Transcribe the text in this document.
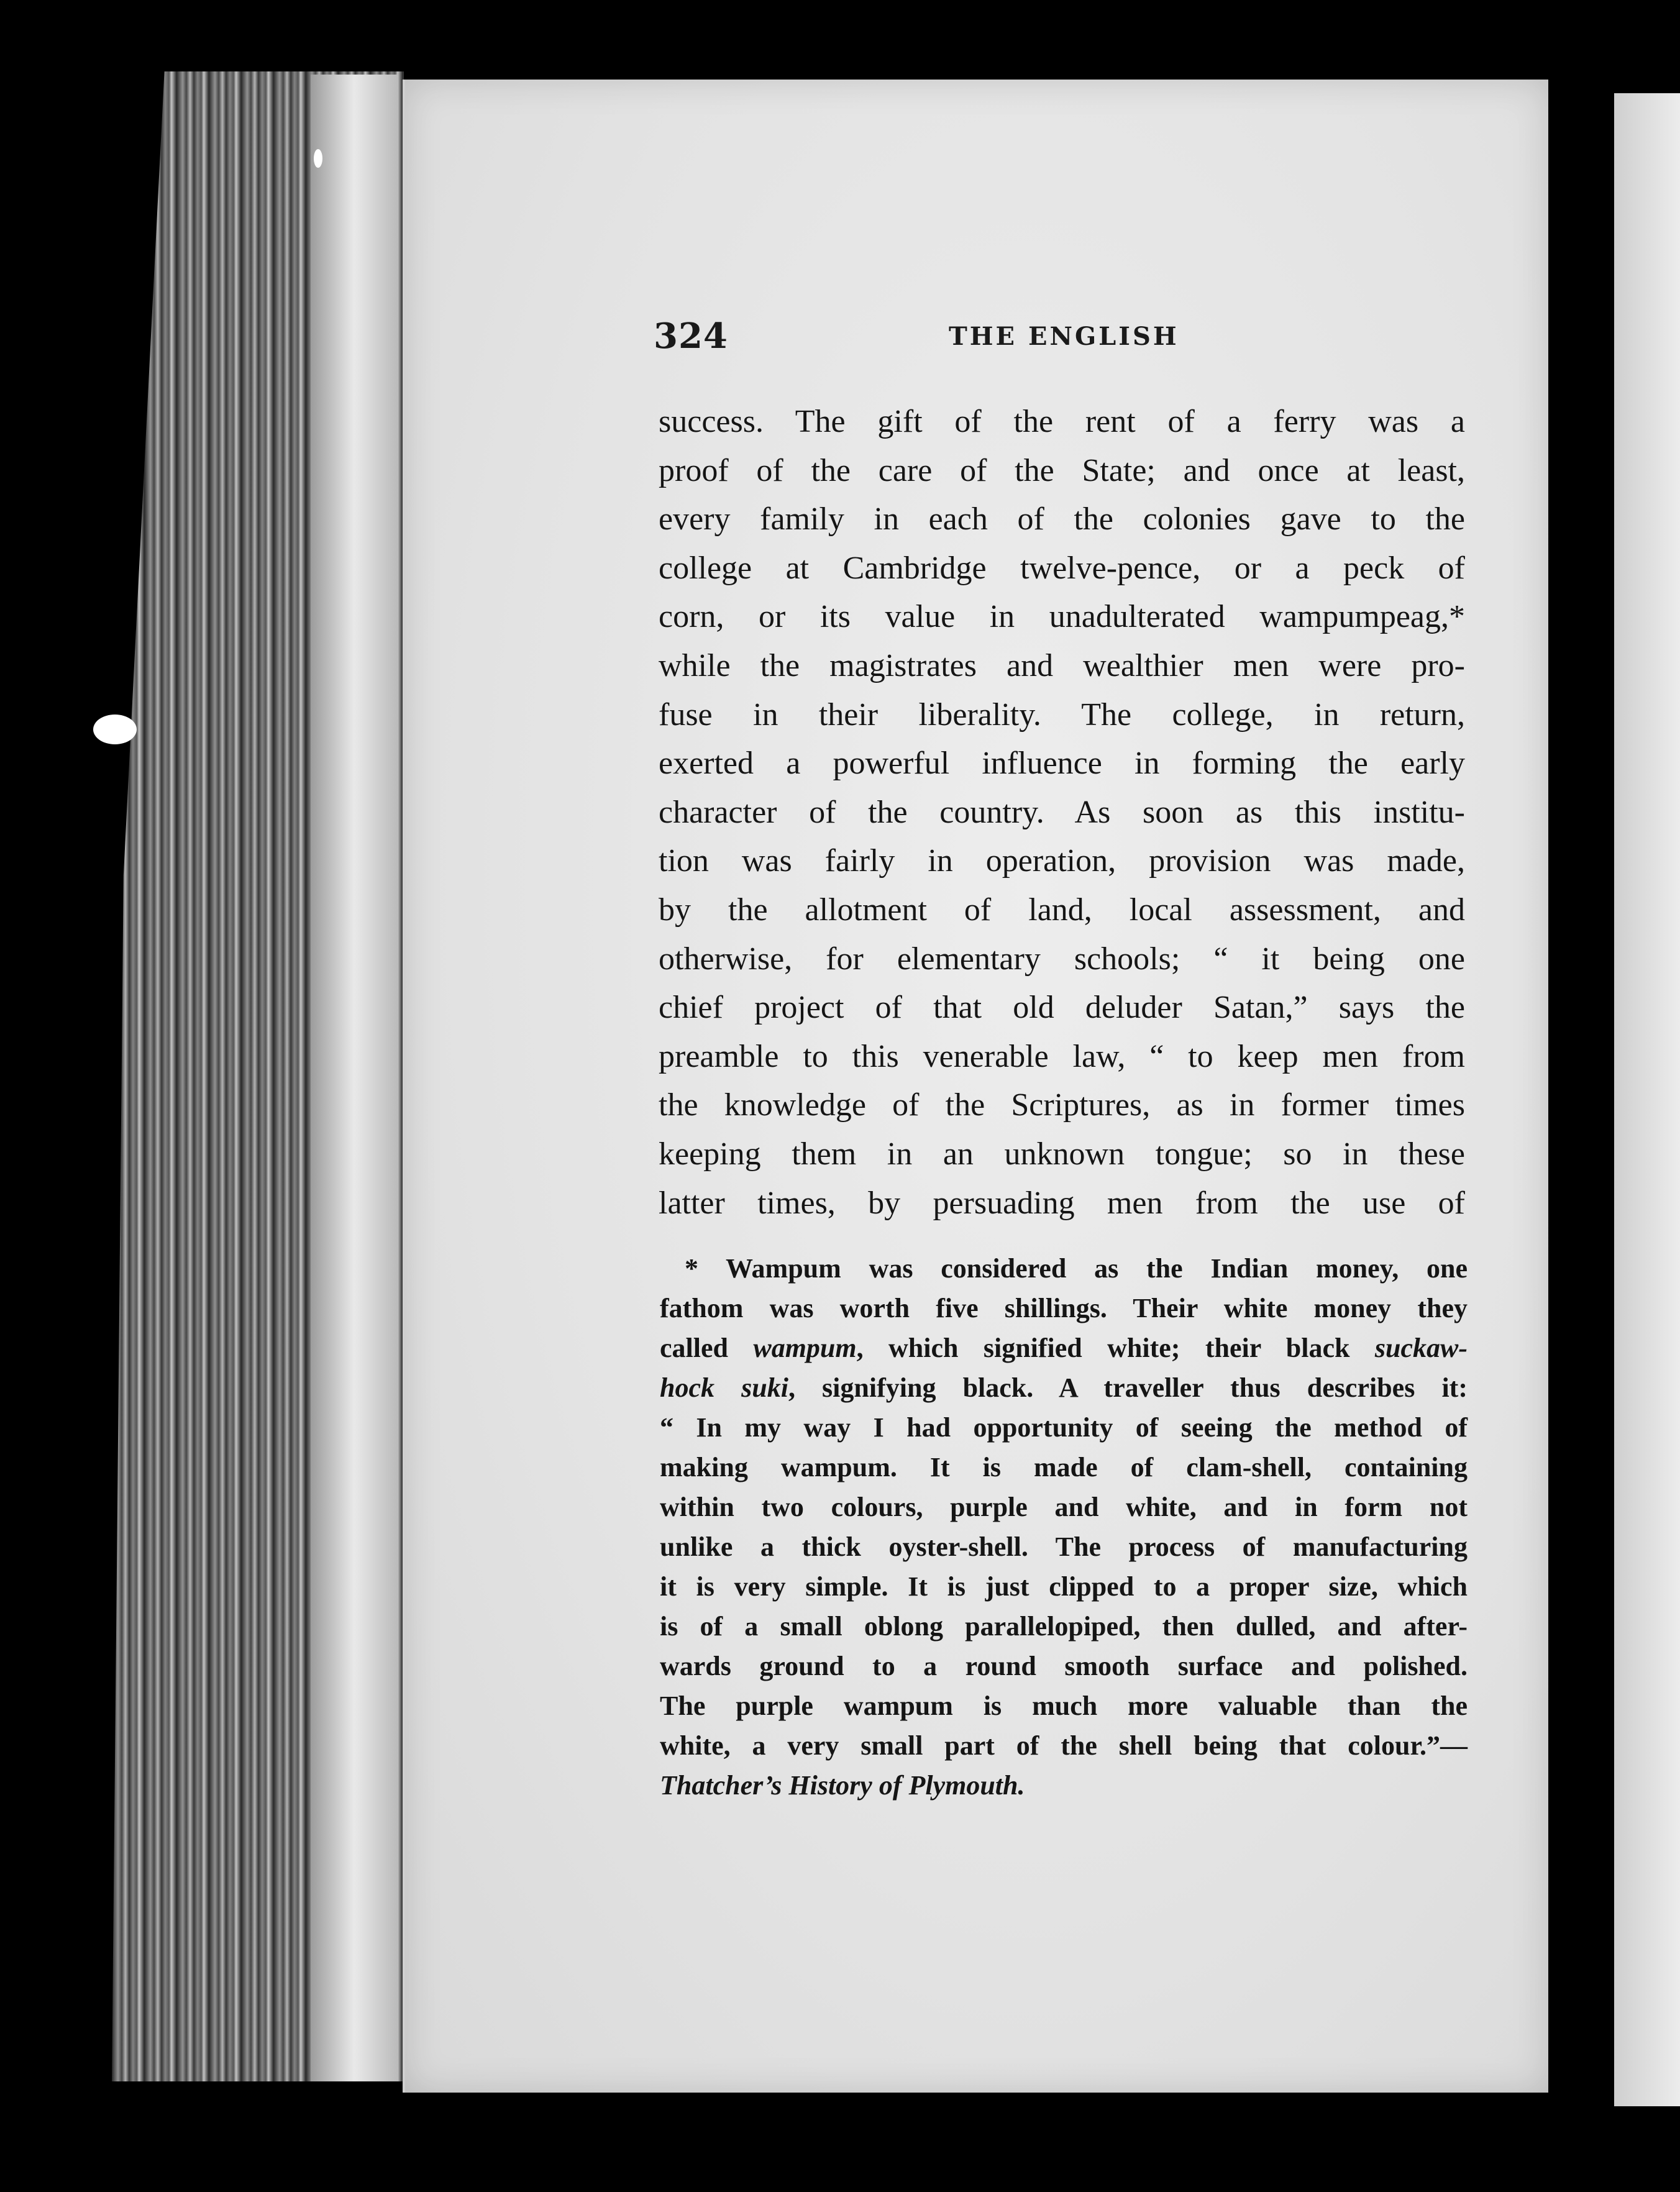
324	THE ENGLISH
success. The gift of the rent of a ferry was a
proof of the care of the State; and once at least,
every family in each of the colonies gave to the
college at Cambridge twelve-pence, or a peck of
corn, or its value in unadulterated wampumpeag,*
while the magistrates and wealthier men were pro-
fuse in their liberality. The college, in return,
exerted a powerful influence in forming the early
character of the country. As soon as this institu-
tion was fairly in operation, provision was made,
by the allotment of land, local assessment, and
otherwise, for elementary schools; “ it being one
chief project of that old deluder Satan,” says the
preamble to this venerable law, “ to keep men from
the knowledge of the Scriptures, as in former times
keeping them in an unknown tongue; so in these
latter times, by persuading men from the use of
* Wampum was considered as the Indian money, one
fathom was worth five shillings. Their white money they
called wampum, which signified white; their black suckaw-
hock suki, signifying black. A traveller thus describes it:
“ In my way I had opportunity of seeing the method of
making wampum. It is made of clam-shell, containing
within two colours, purple and white, and in form not
unlike a thick oyster-shell. The process of manufacturing
it is very simple. It is just clipped to a proper size, which
is of a small oblong parallelopiped, then dulled, and after-
wards ground to a round smooth surface and polished.
The purple wampum is much more valuable than the
white, a very small part of the shell being that colour.”—
Thatcher’s History of Plymouth.
